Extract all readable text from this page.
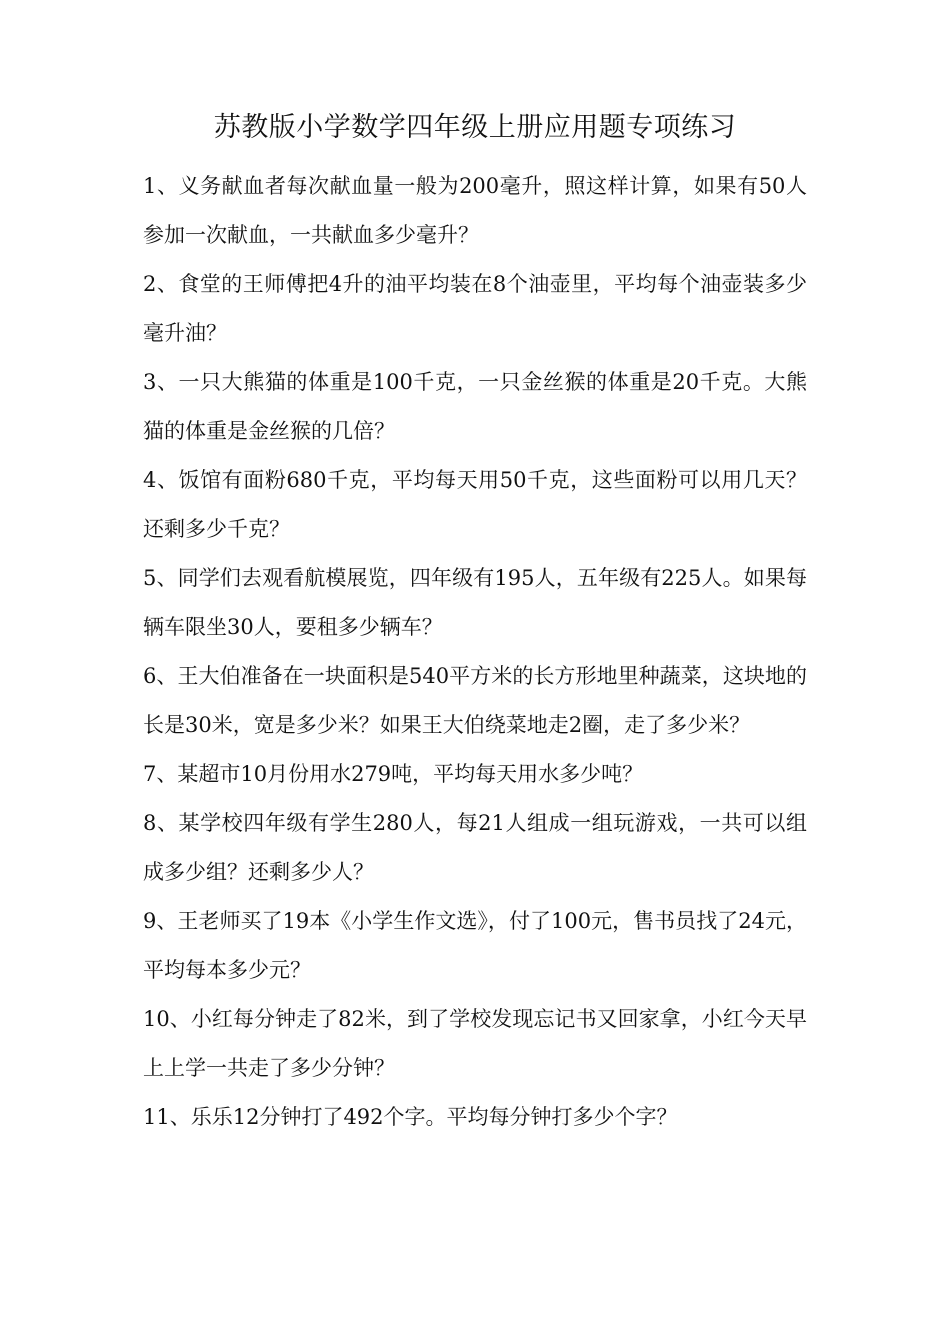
苏教版小学数学四年级上册应用题专项练习
1、义务献血者每次献血量一般为200毫升，照这样计算，如果有50人参加一次献血，一共献血多少毫升？
2、食堂的王师傅把4升的油平均装在8个油壶里，平均每个油壶装多少毫升油？
3、一只大熊猫的体重是100千克，一只金丝猴的体重是20千克。大熊猫的体重是金丝猴的几倍？
4、饭馆有面粉680千克，平均每天用50千克，这些面粉可以用几天？还剩多少千克？
5、同学们去观看航模展览，四年级有195人，五年级有225人。如果每辆车限坐30人，要租多少辆车？
6、王大伯准备在一块面积是540平方米的长方形地里种蔬菜，这块地的长是30米，宽是多少米？如果王大伯绕菜地走2圈，走了多少米？
7、某超市10月份用水279吨，平均每天用水多少吨？
8、某学校四年级有学生280人，每21人组成一组玩游戏，一共可以组成多少组？还剩多少人？
9、王老师买了19本《小学生作文选》，付了100元，售书员找了24元，平均每本多少元？
10、小红每分钟走了82米，到了学校发现忘记书又回家拿，小红今天早上上学一共走了多少分钟？
11、乐乐12分钟打了492个字。平均每分钟打多少个字？
